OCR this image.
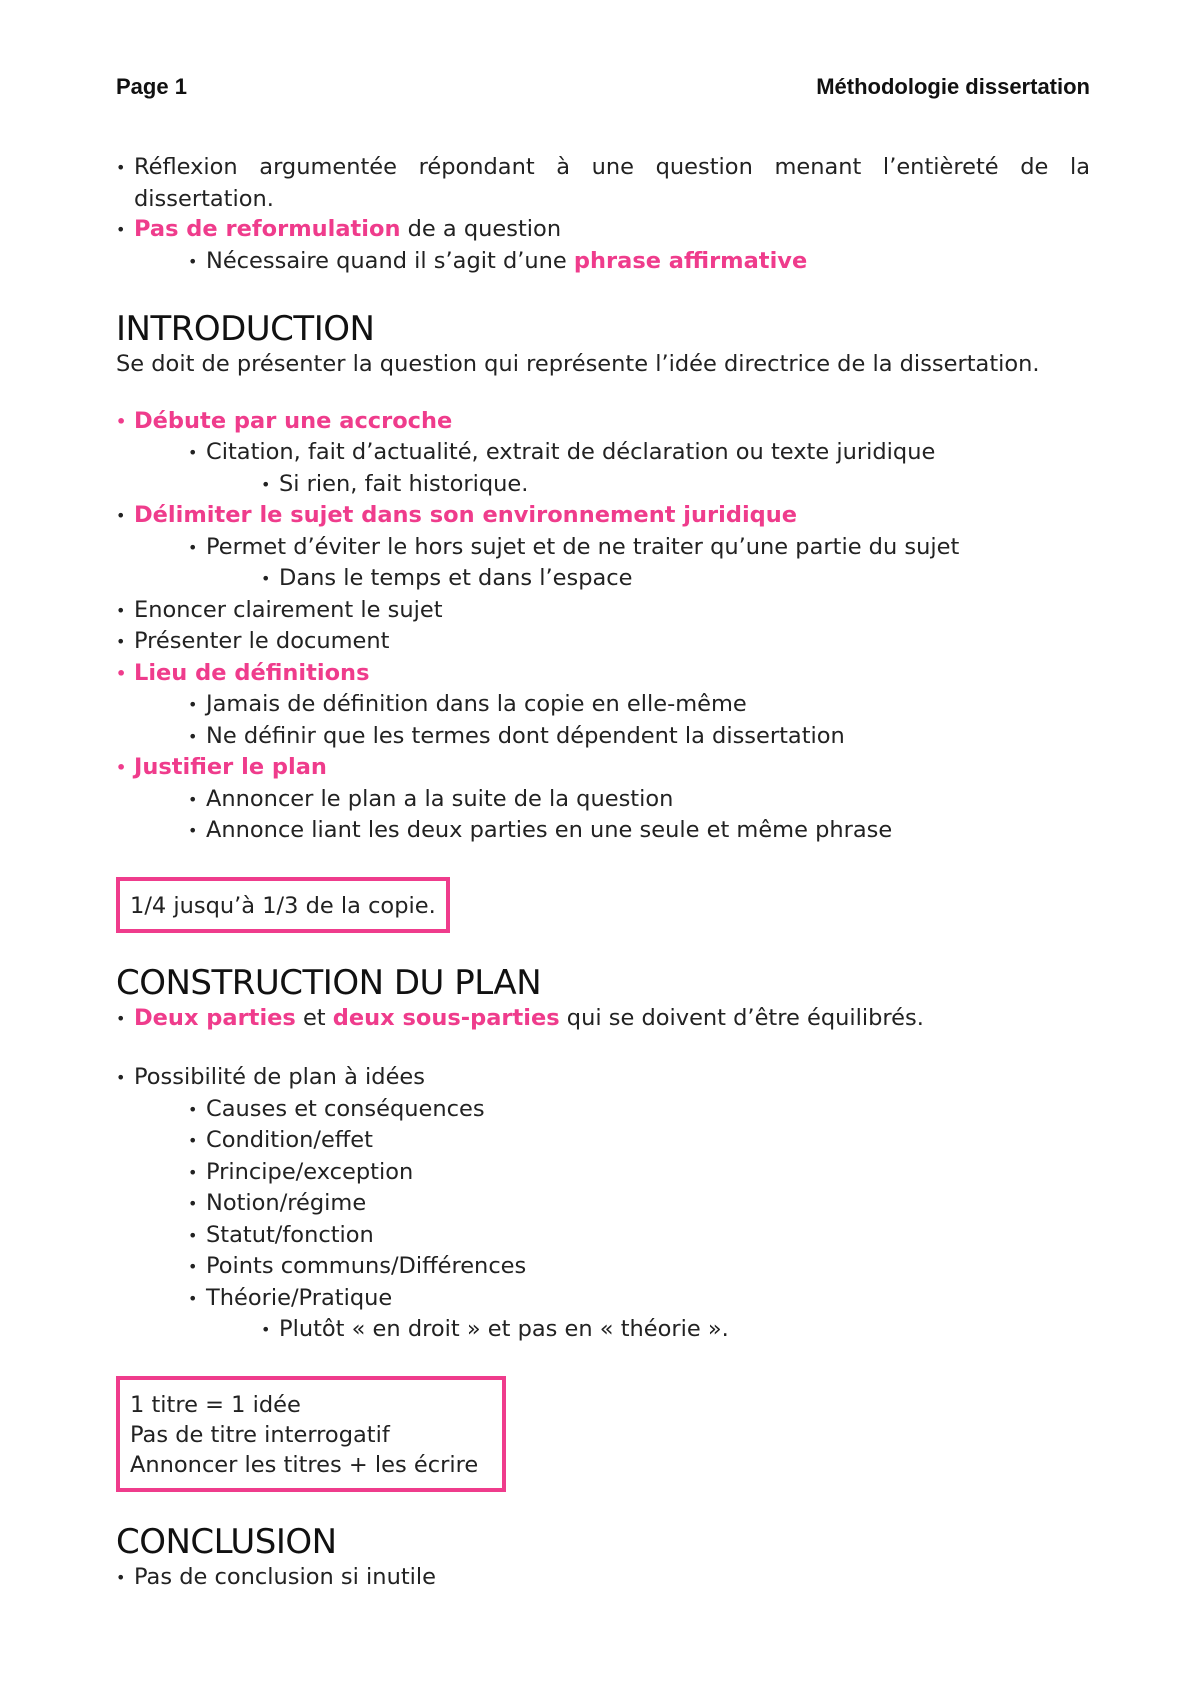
Page 1	Méthodologie dissertation
• Réflexion argumentée répondant à une question menant l’entièreté de la dissertation.
• Pas de reformulation de a question
• Nécessaire quand il s’agit d’une phrase affirmative
INTRODUCTION
Se doit de présenter la question qui représente l’idée directrice de la dissertation.
• Débute par une accroche
• Citation, fait d’actualité, extrait de déclaration ou texte juridique
• Si rien, fait historique.
• Délimiter le sujet dans son environnement juridique
• Permet d’éviter le hors sujet et de ne traiter qu’une partie du sujet
• Dans le temps et dans l’espace
• Enoncer clairement le sujet
• Présenter le document
• Lieu de définitions
• Jamais de définition dans la copie en elle-même
• Ne définir que les termes dont dépendent la dissertation
• Justifier le plan
• Annoncer le plan a la suite de la question
• Annonce liant les deux parties en une seule et même phrase
1/4 jusqu’à 1/3 de la copie.
CONSTRUCTION DU PLAN
• Deux parties et deux sous-parties qui se doivent d’être équilibrés.
• Possibilité de plan à idées
• Causes et conséquences
• Condition/effet
• Principe/exception
• Notion/régime
• Statut/fonction
• Points communs/Différences
• Théorie/Pratique
• Plutôt « en droit » et pas en « théorie ».
1 titre = 1 idée
Pas de titre interrogatif
Annoncer les titres + les écrire
CONCLUSION
• Pas de conclusion si inutile
